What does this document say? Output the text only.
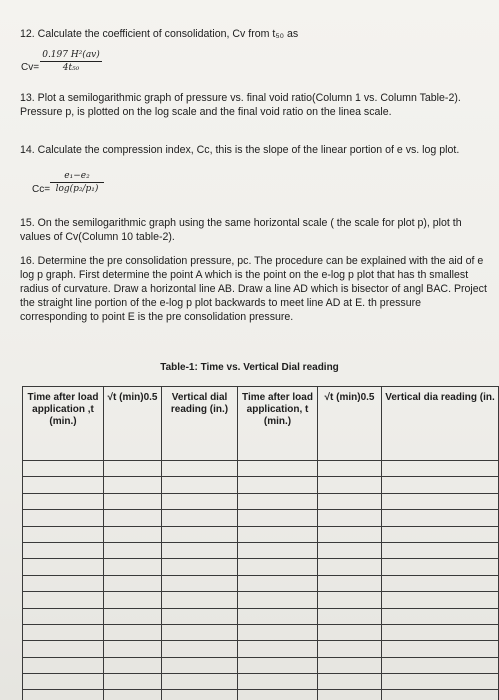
12. Calculate the coefficient of consolidation, Cv from t₅₀ as
Cv=
0.197 H²(av)
4t₅₀
13. Plot a semilogarithmic graph of pressure vs. final void ratio(Column 1 vs. Column Table-2). Pressure p, is plotted on the log scale and the final void ratio on the linea scale.
14. Calculate the compression index, Cc, this is the slope of the linear portion of e vs. log plot.
Cc=
e₁−e₂
log(p₂/p₁)
15. On the semilogarithmic graph using the same horizontal scale ( the scale for plot p), plot th values of Cv(Column 10 table-2).
16. Determine the pre consolidation pressure, pc. The procedure can be explained with the aid of e log p graph. First determine the point A which is the point on the e-log p plot that has th smallest radius of curvature. Draw a horizontal line AB. Draw a line AD which is bisector of angl BAC. Project the straight line portion of the e-log p plot backwards to meet line AD at E. th pressure corresponding to point E is the pre consolidation pressure.
Table-1: Time vs. Vertical Dial reading
Time after load application ,t (min.)	√t (min)0.5	Vertical dial reading (in.)	Time after load application, t (min.)	√t (min)0.5	Vertical dia reading (in.
